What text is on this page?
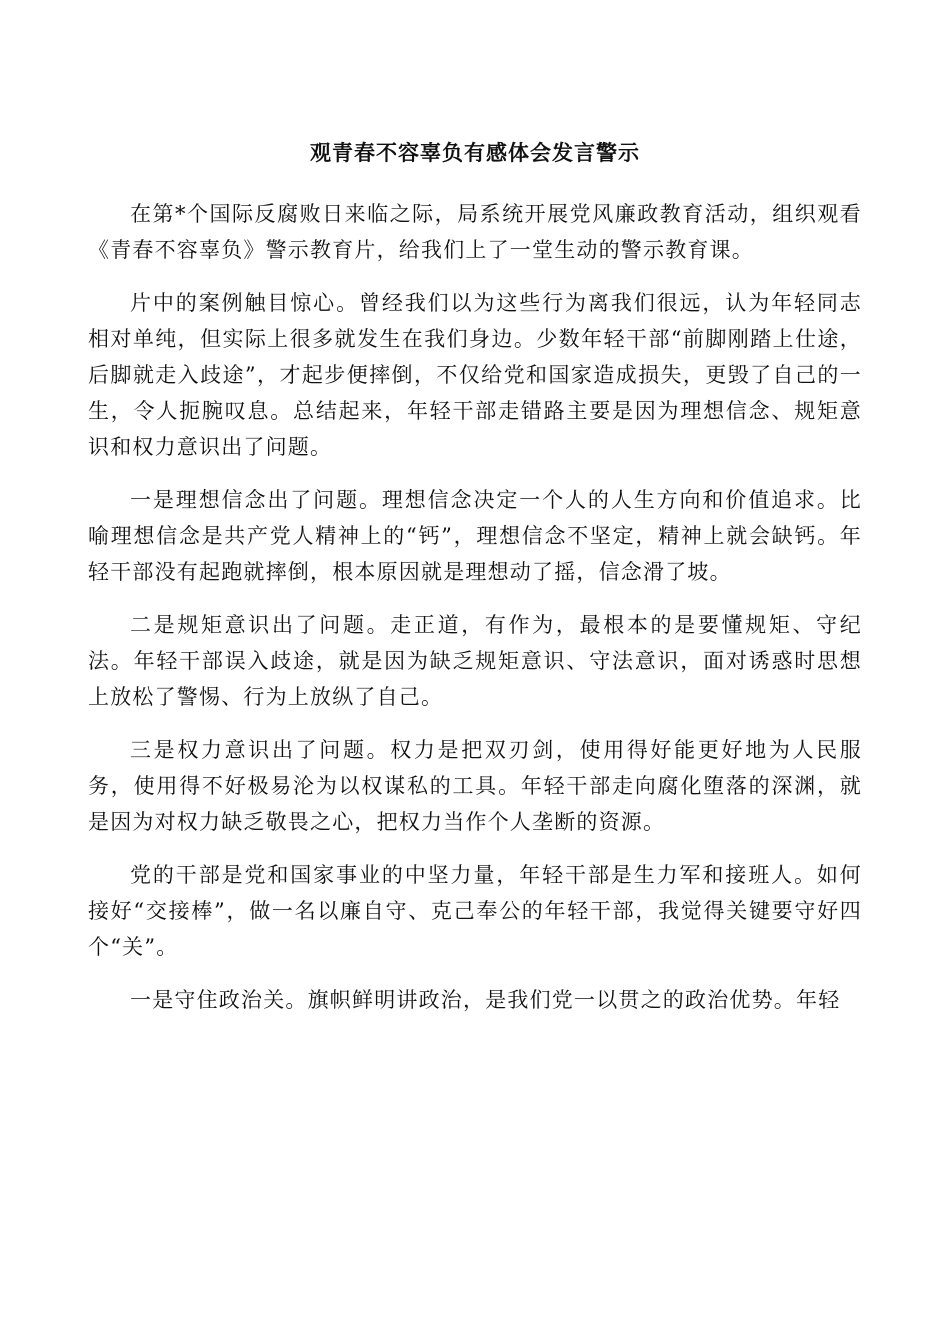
观青春不容辜负有感体会发言警示

在第*个国际反腐败日来临之际，局系统开展党风廉政教育活动，组织观看《青春不容辜负》警示教育片，给我们上了一堂生动的警示教育课。

片中的案例触目惊心。曾经我们以为这些行为离我们很远，认为年轻同志相对单纯，但实际上很多就发生在我们身边。少数年轻干部“前脚刚踏上仕途，后脚就走入歧途”，才起步便摔倒，不仅给党和国家造成损失，更毁了自己的一生，令人扼腕叹息。总结起来，年轻干部走错路主要是因为理想信念、规矩意识和权力意识出了问题。

一是理想信念出了问题。理想信念决定一个人的人生方向和价值追求。比喻理想信念是共产党人精神上的“钙”，理想信念不坚定，精神上就会缺钙。年轻干部没有起跑就摔倒，根本原因就是理想动了摇，信念滑了坡。

二是规矩意识出了问题。走正道，有作为，最根本的是要懂规矩、守纪法。年轻干部误入歧途，就是因为缺乏规矩意识、守法意识，面对诱惑时思想上放松了警惕、行为上放纵了自己。

三是权力意识出了问题。权力是把双刃剑，使用得好能更好地为人民服务，使用得不好极易沦为以权谋私的工具。年轻干部走向腐化堕落的深渊，就是因为对权力缺乏敬畏之心，把权力当作个人垄断的资源。

党的干部是党和国家事业的中坚力量，年轻干部是生力军和接班人。如何接好“交接棒”，做一名以廉自守、克己奉公的年轻干部，我觉得关键要守好四个“关”。

一是守住政治关。旗帜鲜明讲政治，是我们党一以贯之的政治优势。年轻
